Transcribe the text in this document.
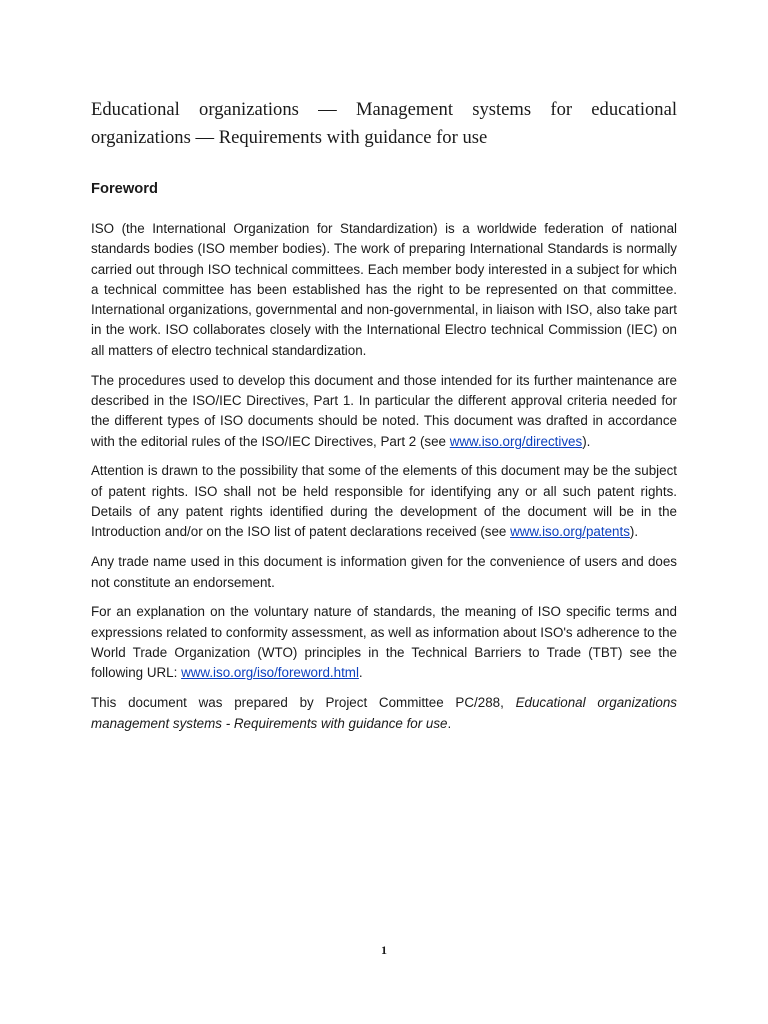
Educational organizations — Management systems for educational organizations — Requirements with guidance for use
Foreword

ISO (the International Organization for Standardization) is a worldwide federation of national standards bodies (ISO member bodies). The work of preparing International Standards is normally carried out through ISO technical committees. Each member body interested in a subject for which a technical committee has been established has the right to be represented on that committee. International organizations, governmental and non-governmental, in liaison with ISO, also take part in the work. ISO collaborates closely with the International Electro technical Commission (IEC) on all matters of electro technical standardization.

The procedures used to develop this document and those intended for its further maintenance are described in the ISO/IEC Directives, Part 1. In particular the different approval criteria needed for the different types of ISO documents should be noted. This document was drafted in accordance with the editorial rules of the ISO/IEC Directives, Part 2 (see www.iso.org/directives).

Attention is drawn to the possibility that some of the elements of this document may be the subject of patent rights. ISO shall not be held responsible for identifying any or all such patent rights. Details of any patent rights identified during the development of the document will be in the Introduction and/or on the ISO list of patent declarations received (see www.iso.org/patents).

Any trade name used in this document is information given for the convenience of users and does not constitute an endorsement.

For an explanation on the voluntary nature of standards, the meaning of ISO specific terms and expressions related to conformity assessment, as well as information about ISO's adherence to the World Trade Organization (WTO) principles in the Technical Barriers to Trade (TBT) see the following URL: www.iso.org/iso/foreword.html.

This document was prepared by Project Committee PC/288, Educational organizations management systems - Requirements with guidance for use.

1
